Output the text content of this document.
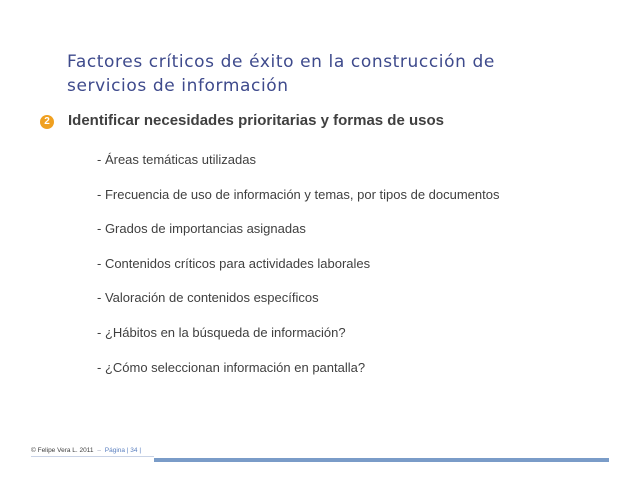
Factores críticos de éxito en la construcción de
servicios de información
2 Identificar necesidades prioritarias y formas de usos
- Áreas temáticas utilizadas
- Frecuencia de uso de información y temas, por tipos de documentos
- Grados de importancias asignadas
- Contenidos críticos para actividades laborales
- Valoración de contenidos específicos
- ¿Hábitos en la búsqueda de información?
- ¿Cómo seleccionan información en pantalla?
© Felipe Vera L. 2011 – Página | 34 |
